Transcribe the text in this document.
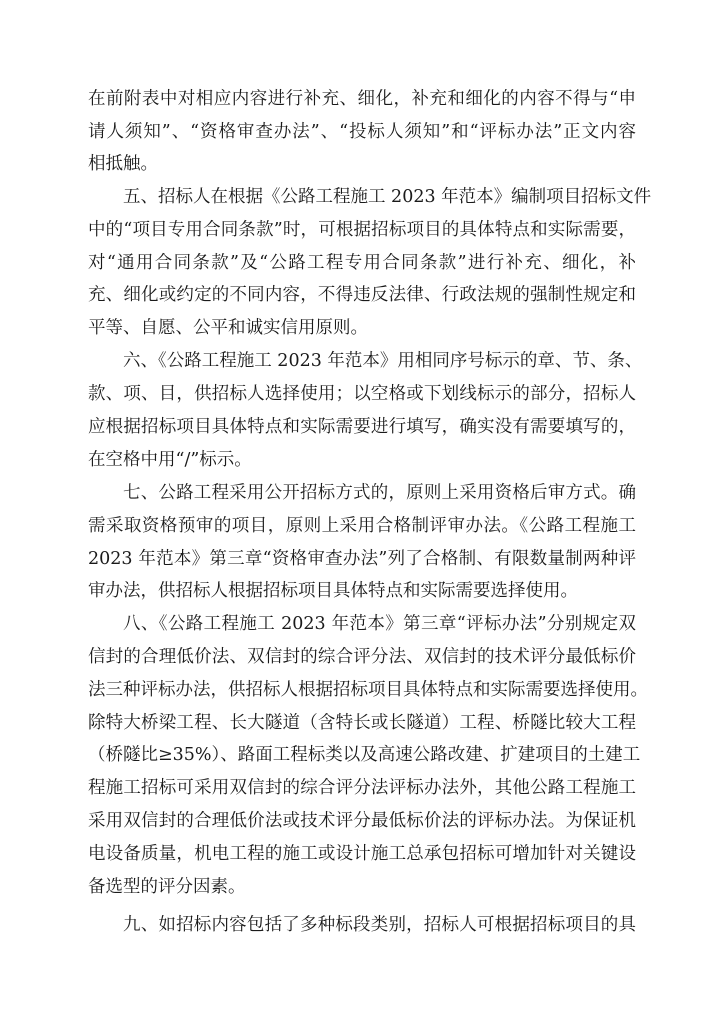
在前附表中对相应内容进行补充、细化，补充和细化的内容不得与“申
请人须知”、“资格审查办法”、“投标人须知”和“评标办法”正文内容
相抵触。
五、招标人在根据《公路工程施工 2023 年范本》编制项目招标文件
中的“项目专用合同条款”时，可根据招标项目的具体特点和实际需要，
对“通用合同条款”及“公路工程专用合同条款”进行补充、细化，补
充、细化或约定的不同内容，不得违反法律、行政法规的强制性规定和
平等、自愿、公平和诚实信用原则。
六、《公路工程施工 2023 年范本》用相同序号标示的章、节、条、
款、项、目，供招标人选择使用；以空格或下划线标示的部分，招标人
应根据招标项目具体特点和实际需要进行填写，确实没有需要填写的，
在空格中用“/”标示。
七、公路工程采用公开招标方式的，原则上采用资格后审方式。确
需采取资格预审的项目，原则上采用合格制评审办法。《公路工程施工
2023 年范本》第三章“资格审查办法”列了合格制、有限数量制两种评
审办法，供招标人根据招标项目具体特点和实际需要选择使用。
八、《公路工程施工 2023 年范本》第三章“评标办法”分别规定双
信封的合理低价法、双信封的综合评分法、双信封的技术评分最低标价
法三种评标办法，供招标人根据招标项目具体特点和实际需要选择使用。
除特大桥梁工程、长大隧道（含特长或长隧道）工程、桥隧比较大工程
（桥隧比≥35%）、路面工程标类以及高速公路改建、扩建项目的土建工
程施工招标可采用双信封的综合评分法评标办法外，其他公路工程施工
采用双信封的合理低价法或技术评分最低标价法的评标办法。为保证机
电设备质量，机电工程的施工或设计施工总承包招标可增加针对关键设
备选型的评分因素。
九、如招标内容包括了多种标段类别，招标人可根据招标项目的具
